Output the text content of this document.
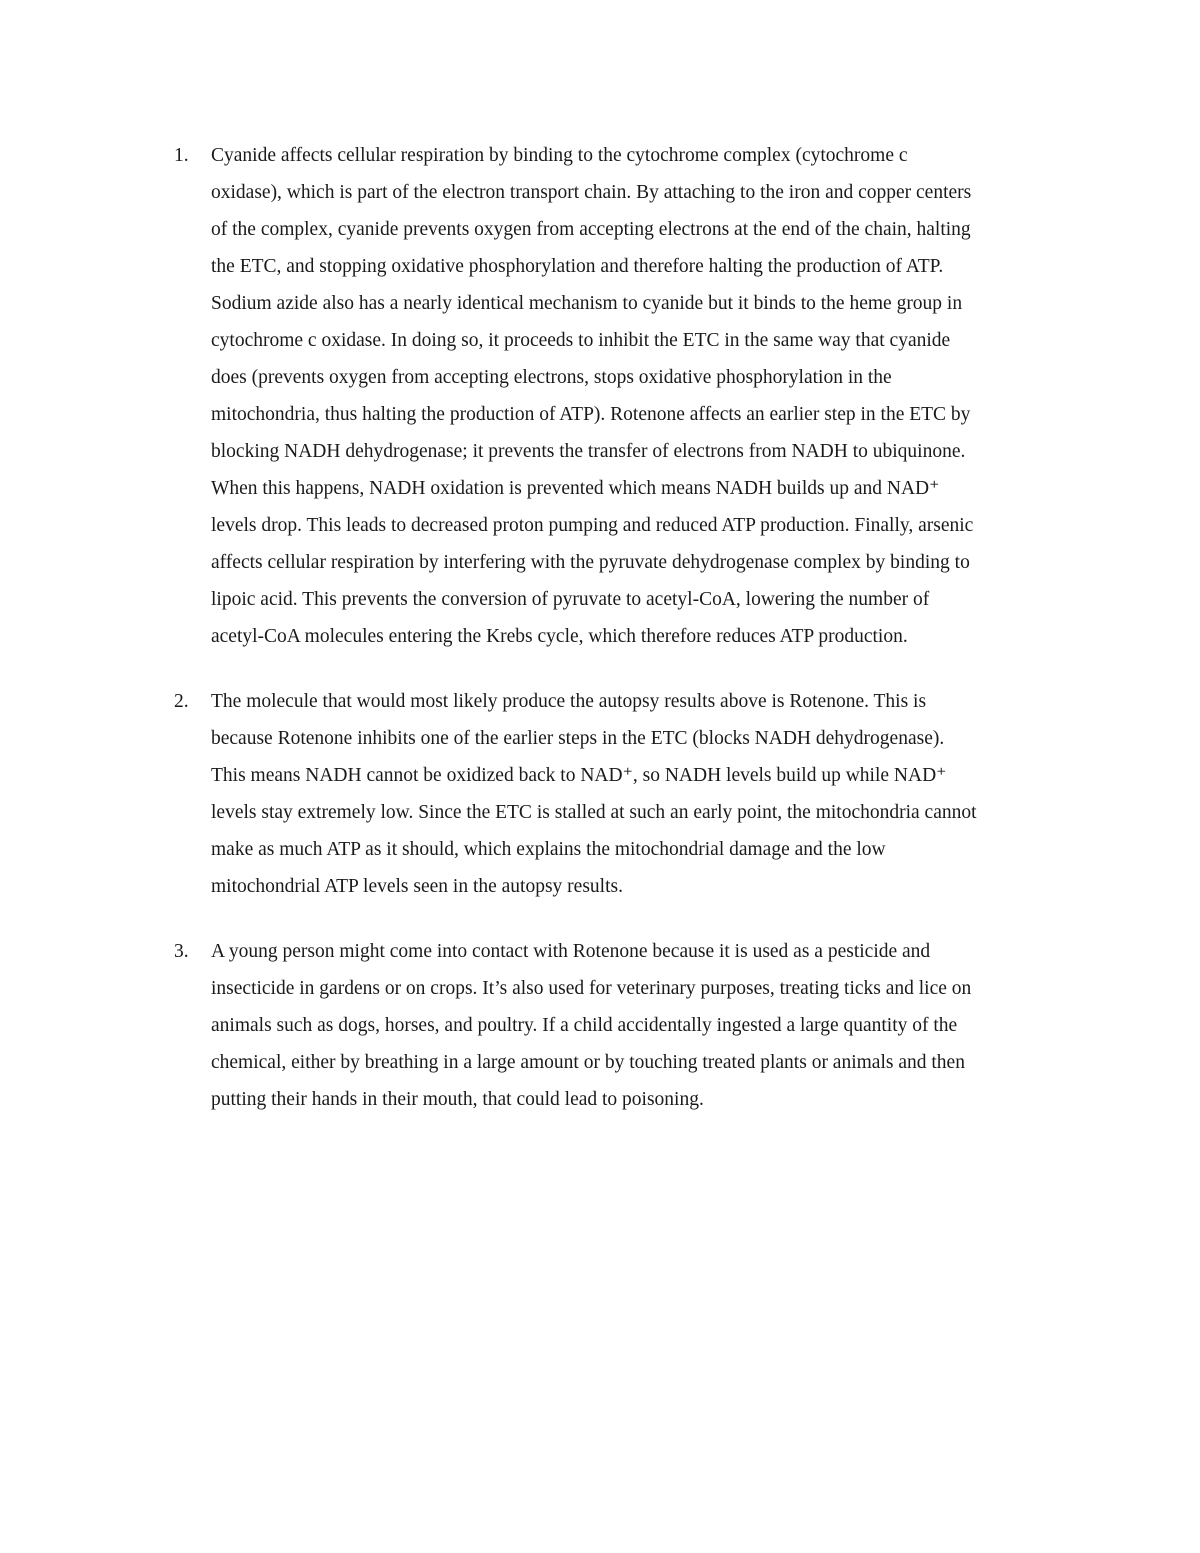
1. Cyanide affects cellular respiration by binding to the cytochrome complex (cytochrome c
oxidase), which is part of the electron transport chain. By attaching to the iron and copper centers
of the complex, cyanide prevents oxygen from accepting electrons at the end of the chain, halting
the ETC, and stopping oxidative phosphorylation and therefore halting the production of ATP.
Sodium azide also has a nearly identical mechanism to cyanide but it binds to the heme group in
cytochrome c oxidase. In doing so, it proceeds to inhibit the ETC in the same way that cyanide
does (prevents oxygen from accepting electrons, stops oxidative phosphorylation in the
mitochondria, thus halting the production of ATP). Rotenone affects an earlier step in the ETC by
blocking NADH dehydrogenase; it prevents the transfer of electrons from NADH to ubiquinone.
When this happens, NADH oxidation is prevented which means NADH builds up and NAD⁺
levels drop. This leads to decreased proton pumping and reduced ATP production. Finally, arsenic
affects cellular respiration by interfering with the pyruvate dehydrogenase complex by binding to
lipoic acid. This prevents the conversion of pyruvate to acetyl-CoA, lowering the number of
acetyl-CoA molecules entering the Krebs cycle, which therefore reduces ATP production.
2. The molecule that would most likely produce the autopsy results above is Rotenone. This is
because Rotenone inhibits one of the earlier steps in the ETC (blocks NADH dehydrogenase).
This means NADH cannot be oxidized back to NAD⁺, so NADH levels build up while NAD⁺
levels stay extremely low. Since the ETC is stalled at such an early point, the mitochondria cannot
make as much ATP as it should, which explains the mitochondrial damage and the low
mitochondrial ATP levels seen in the autopsy results.
3. A young person might come into contact with Rotenone because it is used as a pesticide and
insecticide in gardens or on crops. It’s also used for veterinary purposes, treating ticks and lice on
animals such as dogs, horses, and poultry. If a child accidentally ingested a large quantity of the
chemical, either by breathing in a large amount or by touching treated plants or animals and then
putting their hands in their mouth, that could lead to poisoning.
